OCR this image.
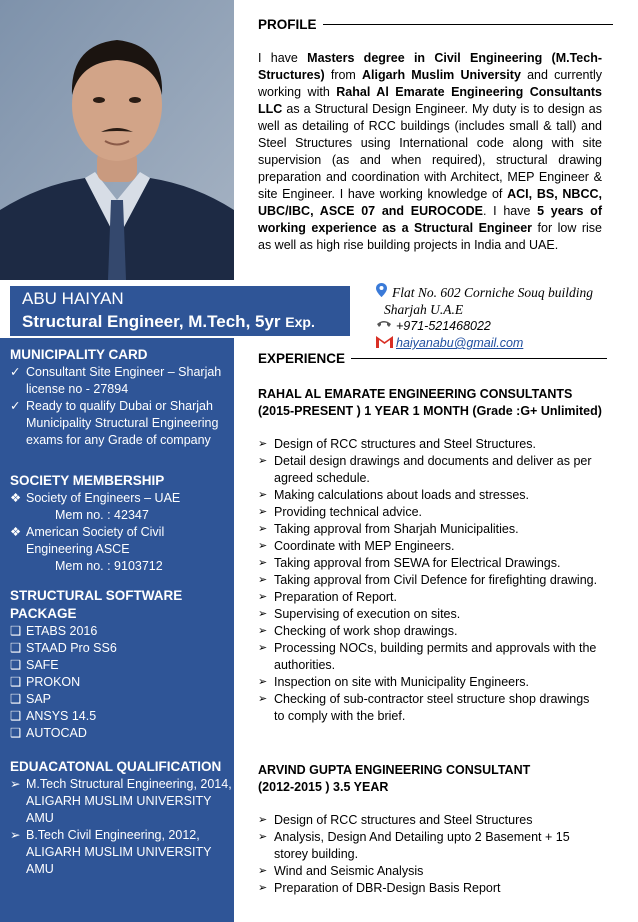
ABU HAIYAN
Structural Engineer, M.Tech, 5yr Exp.
PROFILE
I have Masters degree in Civil Engineering (M.Tech-Structures) from Aligarh Muslim University and currently working with Rahal Al Emarate Engineering Consultants LLC as a Structural Design Engineer. My duty is to design as well as detailing of RCC buildings (includes small & tall) and Steel Structures using International code along with site supervision (as and when required), structural drawing preparation and coordination with Architect, MEP Engineer & site Engineer. I have working knowledge of ACI, BS, NBCC, UBC/IBC, ASCE 07 and EUROCODE. I have 5 years of working experience as a Structural Engineer for low rise as well as high rise building projects in India and UAE.
Flat No. 602 Corniche Souq building
Sharjah U.A.E
+971-521468022
haiyanabu@gmail.com
EXPERIENCE
RAHAL AL EMARATE ENGINEERING CONSULTANTS
(2015-PRESENT ) 1 YEAR 1 MONTH (Grade :G+ Unlimited)
➢ Design of RCC structures and Steel Structures.
➢ Detail design drawings and documents and deliver as per agreed schedule.
➢ Making calculations about loads and stresses.
➢ Providing technical advice.
➢ Taking approval from Sharjah Municipalities.
➢ Coordinate with MEP Engineers.
➢ Taking approval from SEWA for Electrical Drawings.
➢ Taking approval from Civil Defence for firefighting drawing.
➢ Preparation of Report.
➢ Supervising of execution on sites.
➢ Checking of work shop drawings.
➢ Processing NOCs, building permits and approvals with the authorities.
➢ Inspection on site with Municipality Engineers.
➢ Checking of sub-contractor steel structure shop drawings to comply with the brief.
ARVIND GUPTA ENGINEERING CONSULTANT
(2012-2015 ) 3.5 YEAR
➢ Design of RCC structures and Steel Structures
➢ Analysis, Design And Detailing upto 2 Basement + 15 storey building.
➢ Wind and Seismic Analysis
➢ Preparation of DBR-Design Basis Report
MUNICIPALITY CARD
✓ Consultant Site Engineer – Sharjah license no - 27894
✓ Ready to qualify Dubai or Sharjah Municipality Structural Engineering exams for any Grade of company
SOCIETY MEMBERSHIP
❖ Society of Engineers – UAE
Mem no. : 42347
❖ American Society of Civil Engineering ASCE
Mem no. : 9103712
STRUCTURAL SOFTWARE
PACKAGE
❑ ETABS 2016
❑ STAAD Pro SS6
❑ SAFE
❑ PROKON
❑ SAP
❑ ANSYS 14.5
❑ AUTOCAD
EDUACATONAL QUALIFICATION
➢ M.Tech Structural Engineering, 2014, ALIGARH MUSLIM UNIVERSITY AMU
➢ B.Tech Civil Engineering, 2012, ALIGARH MUSLIM UNIVERSITY AMU
